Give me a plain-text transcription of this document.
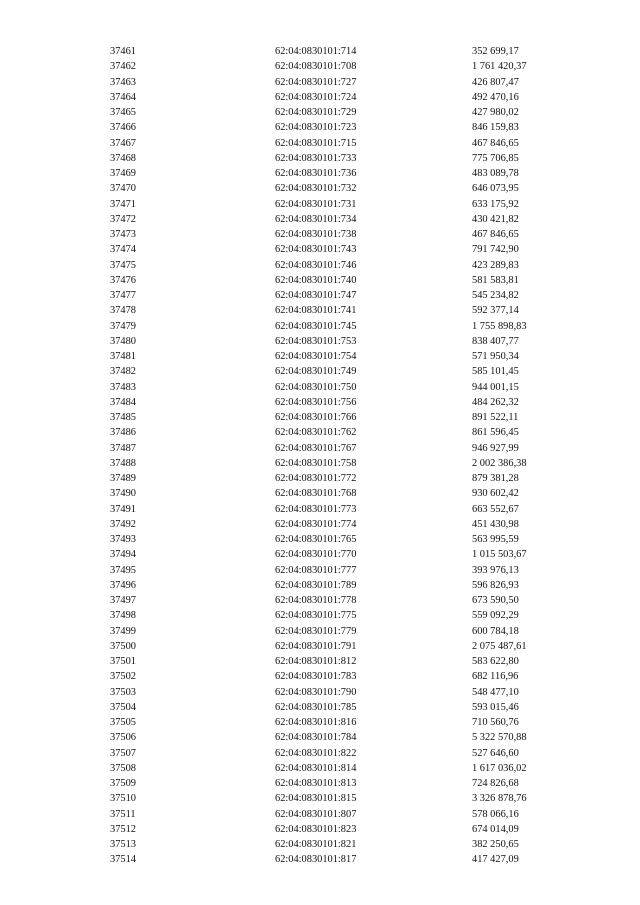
37461	62:04:0830101:714	352 699,17
37462	62:04:0830101:708	1 761 420,37
37463	62:04:0830101:727	426 807,47
37464	62:04:0830101:724	492 470,16
37465	62:04:0830101:729	427 980,02
37466	62:04:0830101:723	846 159,83
37467	62:04:0830101:715	467 846,65
37468	62:04:0830101:733	775 706,85
37469	62:04:0830101:736	483 089,78
37470	62:04:0830101:732	646 073,95
37471	62:04:0830101:731	633 175,92
37472	62:04:0830101:734	430 421,82
37473	62:04:0830101:738	467 846,65
37474	62:04:0830101:743	791 742,90
37475	62:04:0830101:746	423 289,83
37476	62:04:0830101:740	581 583,81
37477	62:04:0830101:747	545 234,82
37478	62:04:0830101:741	592 377,14
37479	62:04:0830101:745	1 755 898,83
37480	62:04:0830101:753	838 407,77
37481	62:04:0830101:754	571 950,34
37482	62:04:0830101:749	585 101,45
37483	62:04:0830101:750	944 001,15
37484	62:04:0830101:756	484 262,32
37485	62:04:0830101:766	891 522,11
37486	62:04:0830101:762	861 596,45
37487	62:04:0830101:767	946 927,99
37488	62:04:0830101:758	2 002 386,38
37489	62:04:0830101:772	879 381,28
37490	62:04:0830101:768	930 602,42
37491	62:04:0830101:773	663 552,67
37492	62:04:0830101:774	451 430,98
37493	62:04:0830101:765	563 995,59
37494	62:04:0830101:770	1 015 503,67
37495	62:04:0830101:777	393 976,13
37496	62:04:0830101:789	596 826,93
37497	62:04:0830101:778	673 590,50
37498	62:04:0830101:775	559 092,29
37499	62:04:0830101:779	600 784,18
37500	62:04:0830101:791	2 075 487,61
37501	62:04:0830101:812	583 622,80
37502	62:04:0830101:783	682 116,96
37503	62:04:0830101:790	548 477,10
37504	62:04:0830101:785	593 015,46
37505	62:04:0830101:816	710 560,76
37506	62:04:0830101:784	5 322 570,88
37507	62:04:0830101:822	527 646,60
37508	62:04:0830101:814	1 617 036,02
37509	62:04:0830101:813	724 826,68
37510	62:04:0830101:815	3 326 878,76
37511	62:04:0830101:807	578 066,16
37512	62:04:0830101:823	674 014,09
37513	62:04:0830101:821	382 250,65
37514	62:04:0830101:817	417 427,09
